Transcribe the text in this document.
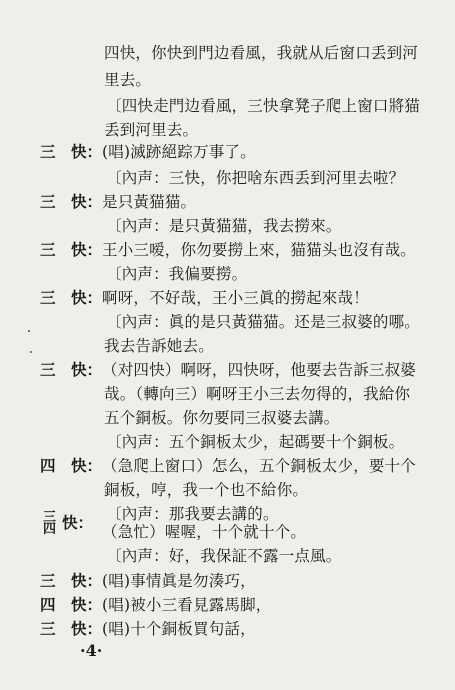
四快，你快到門边看風，我就从后窗口丢到河
里去。
〔四快走門边看風，三快拿凳子爬上窗口將猫
丢到河里去。
三　快： (唱)滅跡絕踪万事了。
〔內声：三快，你把啥东西丢到河里去啦？
三　快： 是只黃猫猫。
〔內声：是只黃猫猫，我去撈來。
三　快： 王小三嗳，你勿要撈上來，猫猫头也沒有哉。
〔內声：我偏要撈。
三　快： 啊呀，不好哉，王小三眞的撈起來哉！
〔內声：眞的是只黃猫猫。还是三叔婆的哪。
我去告訴她去。
三　快： （对四快）啊呀，四快呀，他要去告訴三叔婆
哉。（轉向三）啊呀王小三去勿得的，我給你
五个銅板。你勿要同三叔婆去講。
〔內声：五个銅板太少，起碼要十个銅板。
四　快： （急爬上窗口）怎么，五个銅板太少，要十个
銅板，哼，我一个也不給你。
〔內声：那我要去講的。
（急忙）喔喔，十个就十个。
〔內声：好，我保証不露一点風。
三　快： (唱)事情眞是勿湊巧，
四　快： (唱)被小三看見露馬脚，
三　快： (唱)十个銅板買句話，
三
四 快：
·4·
